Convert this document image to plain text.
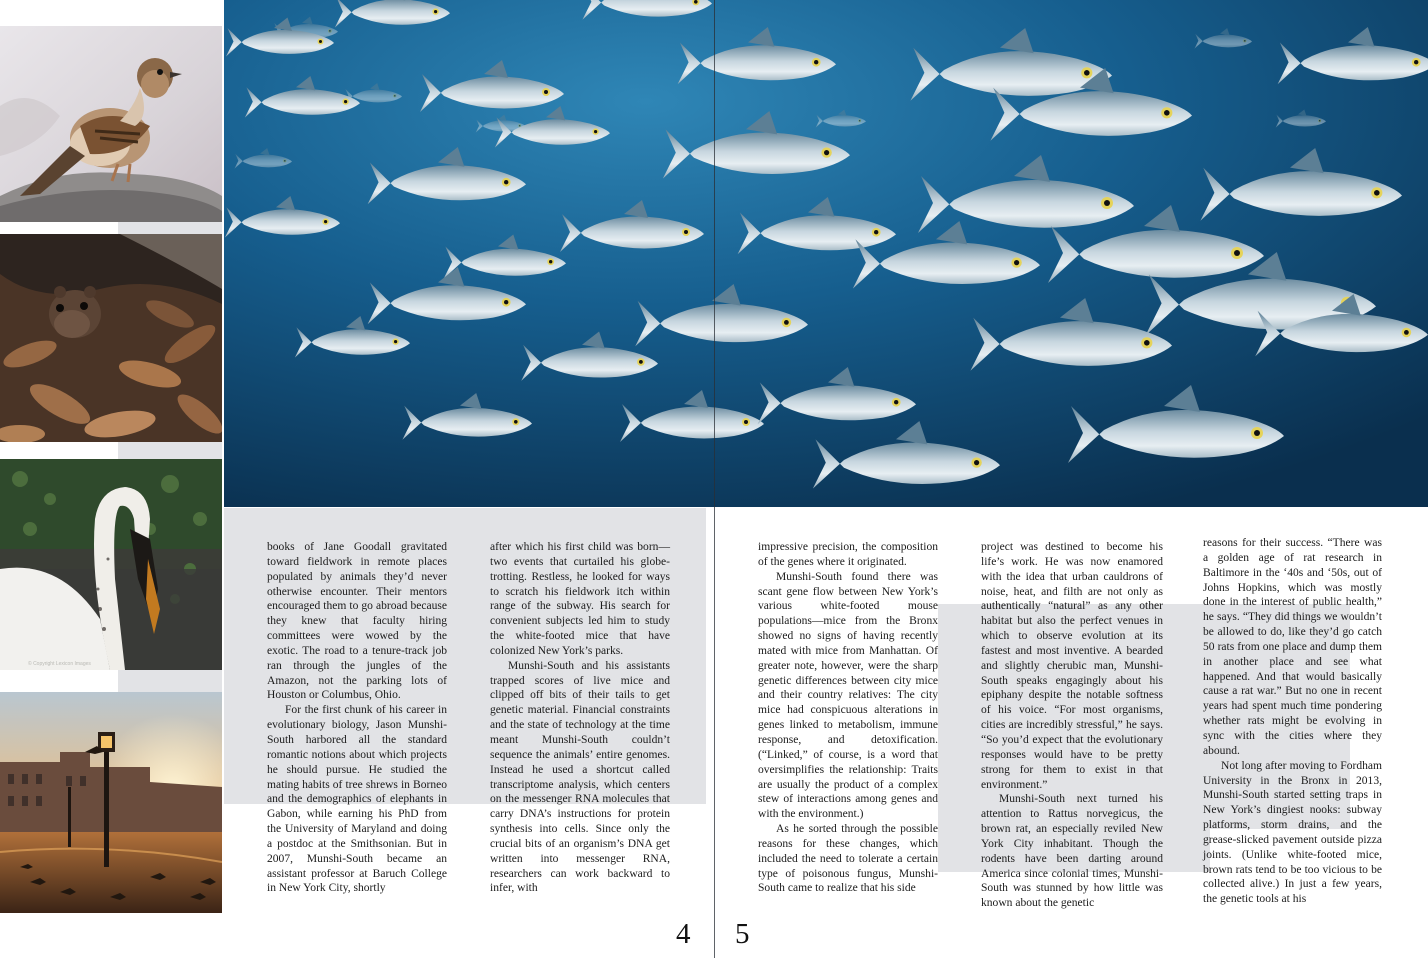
© Copyright Lexicon Images

books of Jane Goodall gravitated toward fieldwork in remote places populated by animals they’d never otherwise encounter. Their mentors encouraged them to go abroad because they knew that faculty hiring committees were wowed by the exotic. The road to a tenure-track job ran through the jungles of the Amazon, not the parking lots of Houston or Columbus, Ohio.

For the first chunk of his career in evolutionary biology, Jason Munshi-South harbored all the standard romantic notions about which projects he should pursue. He studied the mating habits of tree shrews in Borneo and the demographics of elephants in Gabon, while earning his PhD from the University of Maryland and doing a postdoc at the Smithsonian. But in 2007, Munshi-South became an assistant professor at Baruch College in New York City, shortly

after which his first child was born—two events that curtailed his globe-trotting. Restless, he looked for ways to scratch his fieldwork itch within range of the subway. His search for convenient subjects led him to study the white-footed mice that have colonized New York’s parks.

Munshi-South and his assistants trapped scores of live mice and clipped off bits of their tails to get genetic material. Financial constraints and the state of technology at the time meant Munshi-South couldn’t sequence the animals’ entire genomes. Instead he used a shortcut called transcriptome analysis, which centers on the messenger RNA molecules that carry DNA’s instructions for protein synthesis into cells. Since only the crucial bits of an organism’s DNA get written into messenger RNA, researchers can work backward to infer, with

impressive precision, the composition of the genes where it originated.

Munshi-South found there was scant gene flow between New York’s various white-footed mouse populations—mice from the Bronx showed no signs of having recently mated with mice from Manhattan. Of greater note, however, were the sharp genetic differences between city mice and their country relatives: The city mice had conspicuous alterations in genes linked to metabolism, immune response, and detoxification. (“Linked,” of course, is a word that oversimplifies the relationship: Traits are usually the product of a complex stew of interactions among genes and with the environment.)

As he sorted through the possible reasons for these changes, which included the need to tolerate a certain type of poisonous fungus, Munshi-South came to realize that his side

project was destined to become his life’s work. He was now enamored with the idea that urban cauldrons of noise, heat, and filth are not only as authentically “natural” as any other habitat but also the perfect venues in which to observe evolution at its fastest and most inventive. A bearded and slightly cherubic man, Munshi-South speaks engagingly about his epiphany despite the notable softness of his voice. “For most organisms, cities are incredibly stressful,” he says. “So you’d expect that the evolutionary responses would have to be pretty strong for them to exist in that environment.”

Munshi-South next turned his attention to Rattus norvegicus, the brown rat, an especially reviled New York City inhabitant. Though the rodents have been darting around America since colonial times, Munshi-South was stunned by how little was known about the genetic

reasons for their success. “There was a golden age of rat research in Baltimore in the ‘40s and ‘50s, out of Johns Hopkins, which was mostly done in the interest of public health,” he says. “They did things we wouldn’t be allowed to do, like they’d go catch 50 rats from one place and dump them in another place and see what happened. And that would basically cause a rat war.” But no one in recent years had spent much time pondering whether rats might be evolving in sync with the cities where they abound.

Not long after moving to Fordham University in the Bronx in 2013, Munshi-South started setting traps in New York’s dingiest nooks: subway platforms, storm drains, and the grease-slicked pavement outside pizza joints. (Unlike white-footed mice, brown rats tend to be too vicious to be collected alive.) In just a few years, the genetic tools at his

4 5
